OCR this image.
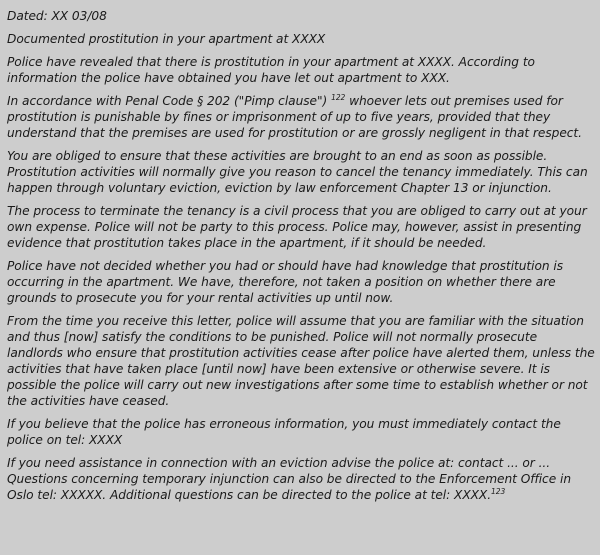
Dated: XX 03/08

Documented prostitution in your apartment at XXXX

Police have revealed that there is prostitution in your apartment at XXXX. According to information the police have obtained you have let out apartment to XXX.

In accordance with Penal Code § 202 ("Pimp clause") $^{122}$ whoever lets out premises used for prostitution is punishable by fines or imprisonment of up to five years, provided that they understand that the premises are used for prostitution or are grossly negligent in that respect.

You are obliged to ensure that these activities are brought to an end as soon as possible. Prostitution activities will normally give you reason to cancel the tenancy immediately. This can happen through voluntary eviction, eviction by law enforcement Chapter 13 or injunction.

The process to terminate the tenancy is a civil process that you are obliged to carry out at your own expense. Police will not be party to this process. Police may, however, assist in presenting evidence that prostitution takes place in the apartment, if it should be needed.

Police have not decided whether you had or should have had knowledge that prostitution is occurring in the apartment. We have, therefore, not taken a position on whether there are grounds to prosecute you for your rental activities up until now.

From the time you receive this letter, police will assume that you are familiar with the situation and thus [now] satisfy the conditions to be punished. Police will not normally prosecute landlords who ensure that prostitution activities cease after police have alerted them, unless the activities that have taken place [until now] have been extensive or otherwise severe. It is possible the police will carry out new investigations after some time to establish whether or not the activities have ceased.

If you believe that the police has erroneous information, you must immediately contact the police on tel: XXXX

If you need assistance in connection with an eviction advise the police at: contact ... or ... Questions concerning temporary injunction can also be directed to the Enforcement Office in Oslo tel: XXXXX. Additional questions can be directed to the police at tel: XXXX.$^{123}$
